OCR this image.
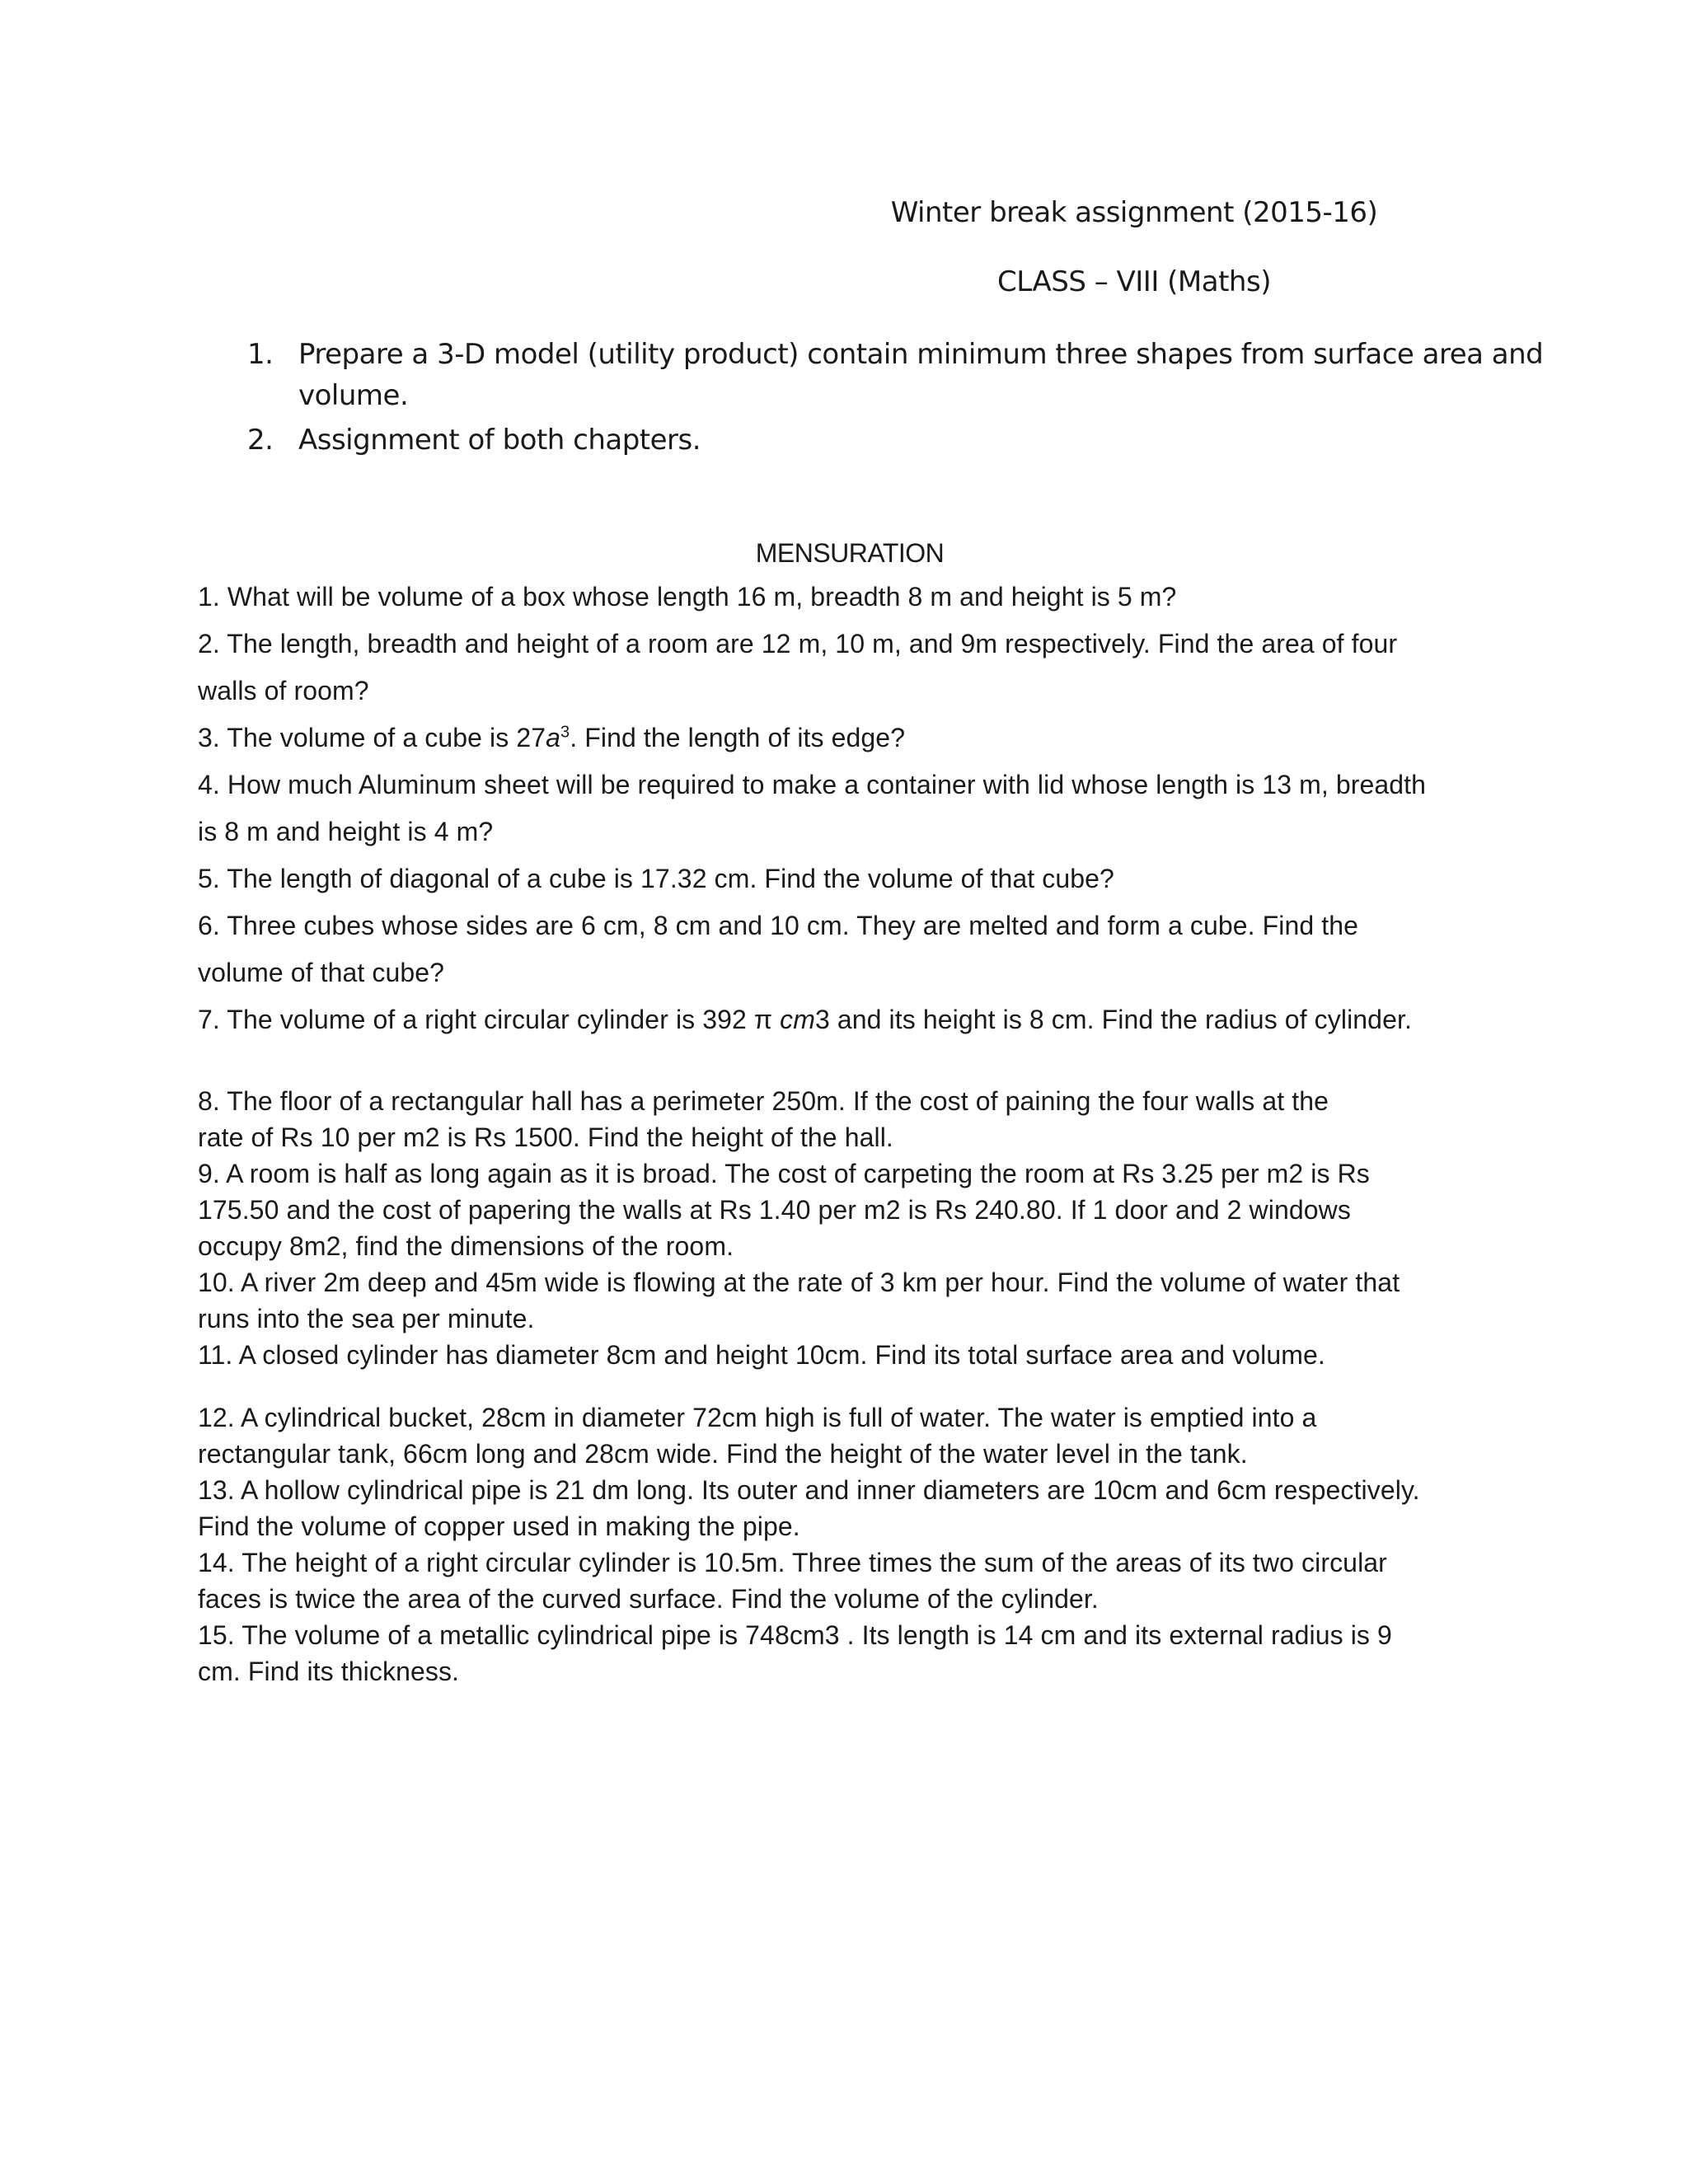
Winter break assignment (2015-16)
CLASS – VIII (Maths)
1. Prepare a 3-D model (utility product) contain minimum three shapes from surface area and
volume.
2. Assignment of both chapters.
MENSURATION
1. What will be volume of a box whose length 16 m, breadth 8 m and height is 5 m?
2. The length, breadth and height of a room are 12 m, 10 m, and 9m respectively. Find the area of four
walls of room?
3. The volume of a cube is $27a^3$. Find the length of its edge?
4. How much Aluminum sheet will be required to make a container with lid whose length is 13 m, breadth
is 8 m and height is 4 m?
5. The length of diagonal of a cube is 17.32 cm. Find the volume of that cube?
6. Three cubes whose sides are 6 cm, 8 cm and 10 cm. They are melted and form a cube. Find the
volume of that cube?
7. The volume of a right circular cylinder is 392 π cm3 and its height is 8 cm. Find the radius of cylinder.
8. The floor of a rectangular hall has a perimeter 250m. If the cost of paining the four walls at the
rate of Rs 10 per m2 is Rs 1500. Find the height of the hall.
9. A room is half as long again as it is broad. The cost of carpeting the room at Rs 3.25 per m2 is Rs
175.50 and the cost of papering the walls at Rs 1.40 per m2 is Rs 240.80. If 1 door and 2 windows
occupy 8m2, find the dimensions of the room.
10. A river 2m deep and 45m wide is flowing at the rate of 3 km per hour. Find the volume of water that
runs into the sea per minute.
11. A closed cylinder has diameter 8cm and height 10cm. Find its total surface area and volume.
12. A cylindrical bucket, 28cm in diameter 72cm high is full of water. The water is emptied into a
rectangular tank, 66cm long and 28cm wide. Find the height of the water level in the tank.
13. A hollow cylindrical pipe is 21 dm long. Its outer and inner diameters are 10cm and 6cm respectively.
Find the volume of copper used in making the pipe.
14. The height of a right circular cylinder is 10.5m. Three times the sum of the areas of its two circular
faces is twice the area of the curved surface. Find the volume of the cylinder.
15. The volume of a metallic cylindrical pipe is 748cm3 . Its length is 14 cm and its external radius is 9
cm. Find its thickness.
